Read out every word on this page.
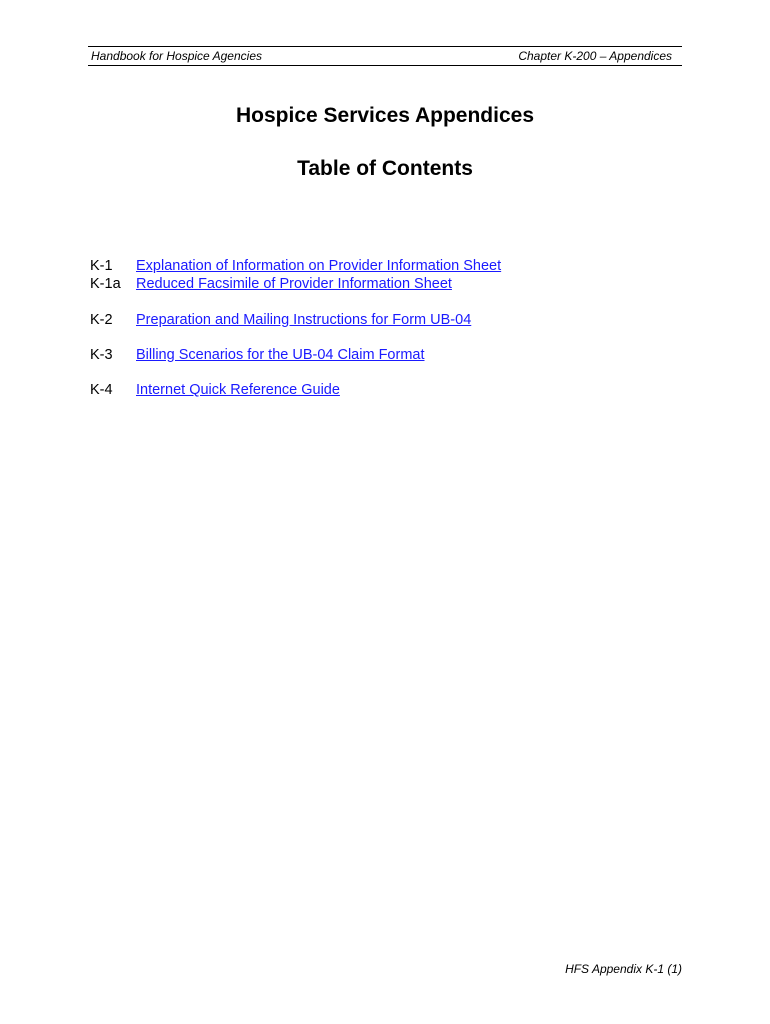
Handbook for Hospice Agencies	Chapter K-200 – Appendices
Hospice Services Appendices
Table of Contents
K-1 Explanation of Information on Provider Information Sheet
K-1a Reduced Facsimile of Provider Information Sheet
K-2 Preparation and Mailing Instructions for Form UB-04
K-3 Billing Scenarios for the UB-04 Claim Format
K-4 Internet Quick Reference Guide
HFS Appendix K-1 (1)
